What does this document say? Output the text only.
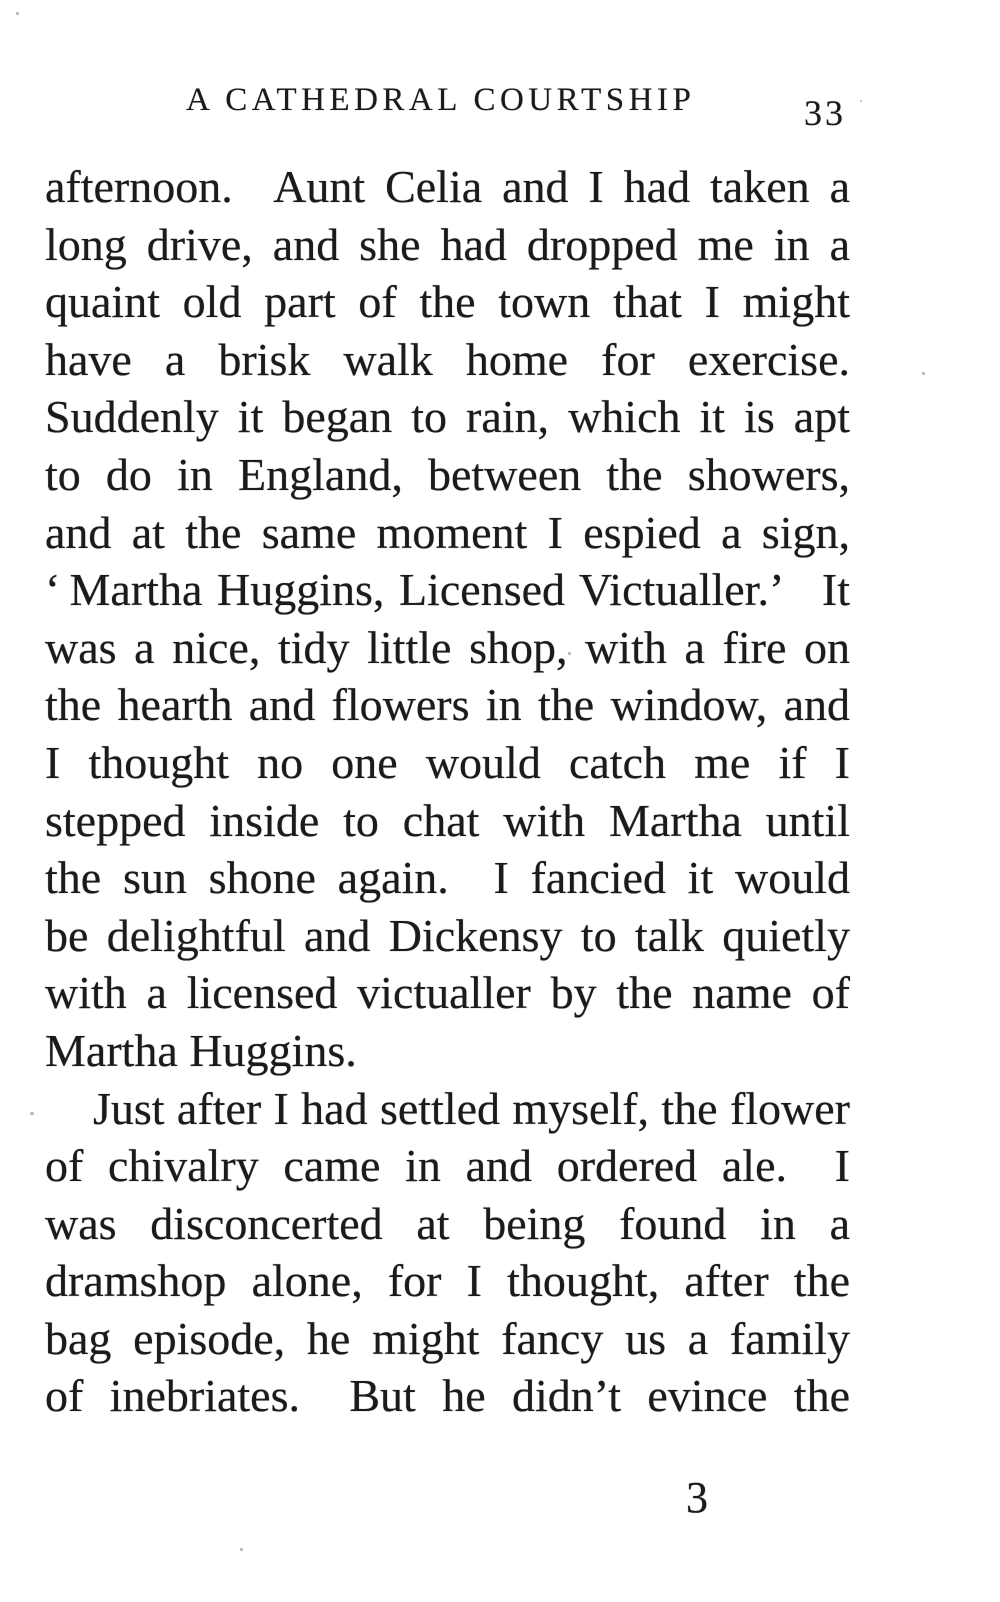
A CATHEDRAL COURTSHIP	33
afternoon.  Aunt Celia and I had taken a
long drive, and she had dropped me in a
quaint old part of the town that I might
have a brisk walk home for exercise.
Suddenly it began to rain, which it is apt
to do in England, between the showers,
and at the same moment I espied a sign,
‘ Martha Huggins, Licensed Victualler.’  It
was a nice, tidy little shop, with a fire on
the hearth and flowers in the window, and
I thought no one would catch me if I
stepped inside to chat with Martha until
the sun shone again.  I fancied it would
be delightful and Dickensy to talk quietly
with a licensed victualler by the name of
Martha Huggins.
Just after I had settled myself, the flower
of chivalry came in and ordered ale.  I
was disconcerted at being found in a
dramshop alone, for I thought, after the
bag episode, he might fancy us a family
of inebriates.  But he didn’t evince the
3
